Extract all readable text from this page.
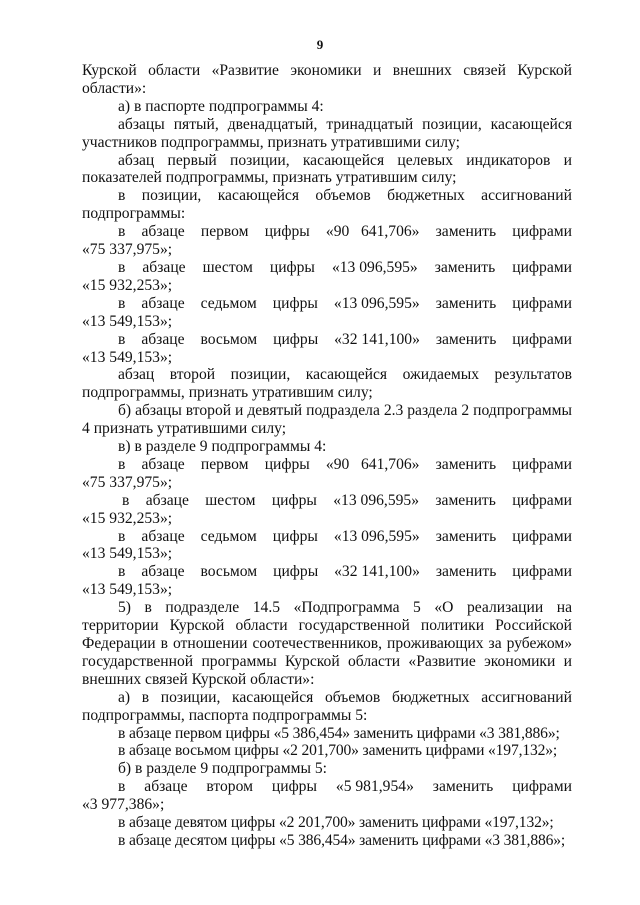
9

Курской области «Развитие экономики и внешних связей Курской области»:

а) в паспорте подпрограммы 4:

абзацы пятый, двенадцатый, тринадцатый позиции, касающейся участников подпрограммы, признать утратившими силу;

абзац первый позиции, касающейся целевых индикаторов и показателей подпрограммы, признать утратившим силу;

в позиции, касающейся объемов бюджетных ассигнований
подпрограммы:
в абзаце первом цифры «90   641,706» заменить цифрами
«75 337,975»;
в абзаце шестом цифры «13 096,595» заменить цифрами
«15 932,253»;
в абзаце седьмом цифры «13 096,595» заменить цифрами
«13 549,153»;
в абзаце восьмом цифры «32 141,100» заменить цифрами
«13 549,153»;

абзац второй позиции, касающейся ожидаемых результатов подпрограммы, признать утратившим силу;

б) абзацы второй и девятый подраздела 2.3 раздела 2 подпрограммы 4 признать утратившими силу;

в) в разделе 9 подпрограммы 4:

в абзаце первом цифры «90   641,706» заменить цифрами
«75 337,975»;
в абзаце шестом цифры «13 096,595» заменить цифрами
«15 932,253»;
в абзаце седьмом цифры «13 096,595» заменить цифрами
«13 549,153»;
в абзаце восьмом цифры «32 141,100» заменить цифрами
«13 549,153»;

5) в подразделе 14.5 «Подпрограмма 5 «О реализации на территории Курской области государственной политики Российской Федерации в отношении соотечественников, проживающих за рубежом» государственной программы Курской области «Развитие экономики и внешних связей Курской области»:

а) в позиции, касающейся объемов бюджетных ассигнований подпрограммы, паспорта подпрограммы 5:

в абзаце первом цифры «5 386,454» заменить цифрами «3 381,886»;

в абзаце восьмом цифры «2 201,700» заменить цифрами «197,132»;

б) в разделе 9 подпрограммы 5:

в абзаце втором цифры «5 981,954» заменить цифрами
«3 977,386»;

в абзаце девятом цифры «2 201,700» заменить цифрами «197,132»;

в абзаце десятом цифры «5 386,454» заменить цифрами «3 381,886»;
